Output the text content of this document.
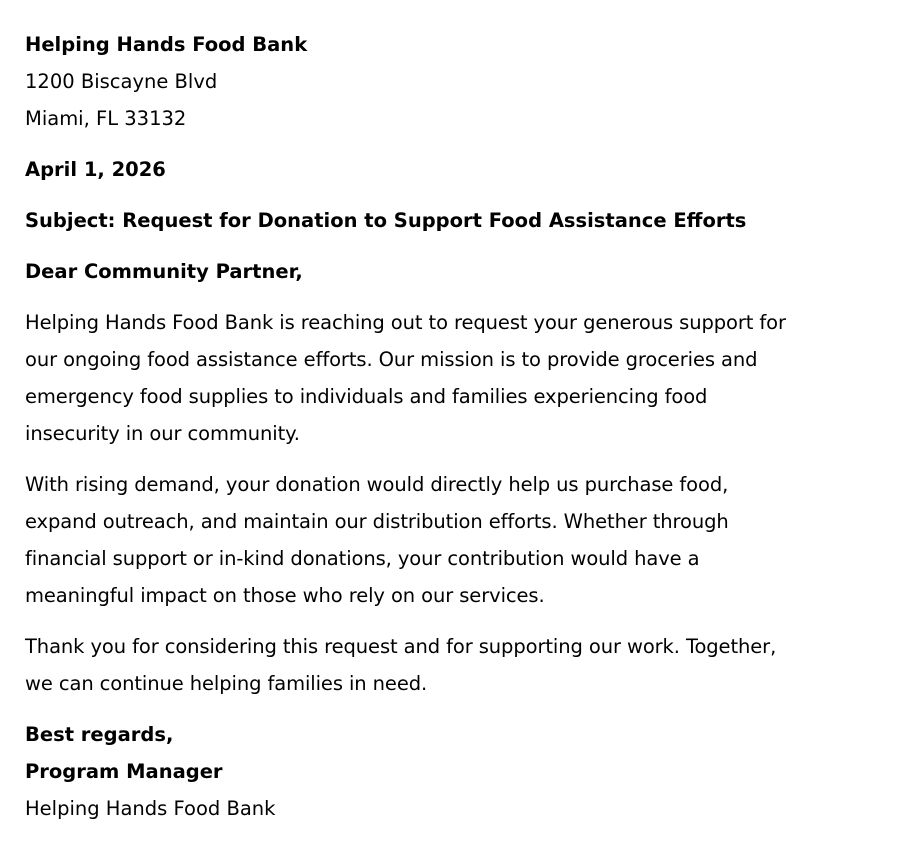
Helping Hands Food Bank
1200 Biscayne Blvd
Miami, FL 33132
April 1, 2026
Subject: Request for Donation to Support Food Assistance Efforts
Dear Community Partner,

Helping Hands Food Bank is reaching out to request your generous support for
our ongoing food assistance efforts. Our mission is to provide groceries and
emergency food supplies to individuals and families experiencing food
insecurity in our community.

With rising demand, your donation would directly help us purchase food,
expand outreach, and maintain our distribution efforts. Whether through
financial support or in-kind donations, your contribution would have a
meaningful impact on those who rely on our services.

Thank you for considering this request and for supporting our work. Together,
we can continue helping families in need.

Best regards,
Program Manager
Helping Hands Food Bank
